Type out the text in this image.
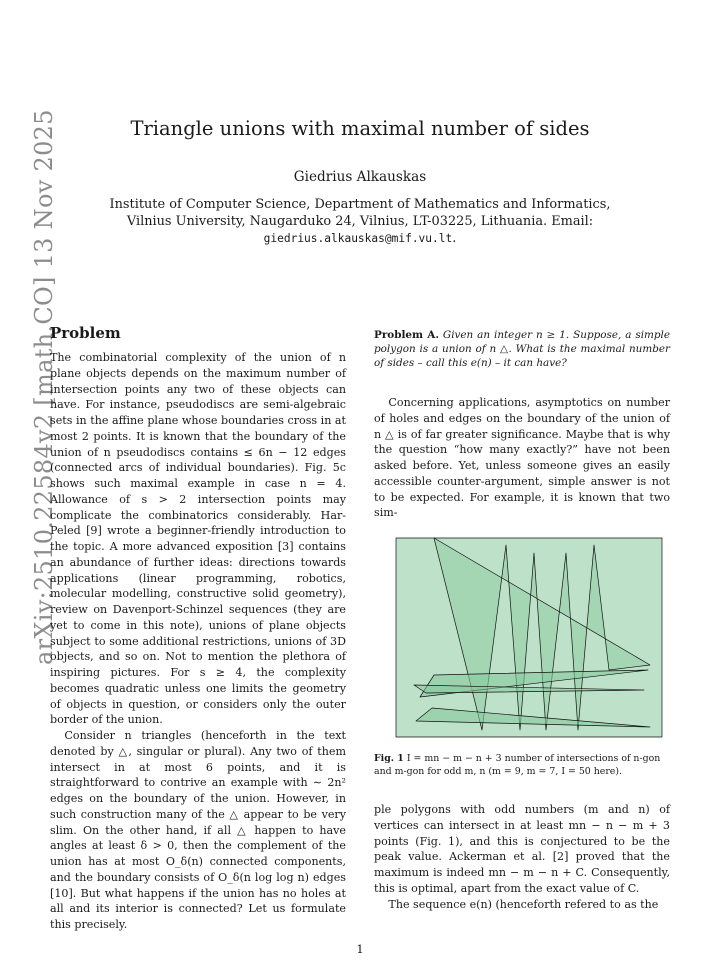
arXiv:2510.22584v2 [math.CO] 13 Nov 2025	Triangle unions with maximal number of sides
Giedrius Alkauskas
Institute of Computer Science, Department of Mathematics and Informatics, Vilnius University, Naugarduko 24, Vilnius, LT-03225, Lithuania. Email:
giedrius.alkauskas@mif.vu.lt.
Problem

The combinatorial complexity of the union of n plane objects depends on the maximum number of intersection points any two of these objects can have. For instance, pseudodiscs are semi-algebraic sets in the affine plane whose boundaries cross in at most 2 points. It is known that the boundary of the union of n pseudodiscs contains ≤ 6n − 12 edges (connected arcs of individual boundaries). Fig. 5c shows such maximal example in case n = 4. Allowance of s > 2 intersection points may complicate the combinatorics considerably. Har-Peled [9] wrote a beginner-friendly introduction to the topic. A more advanced exposition [3] contains an abundance of further ideas: directions towards applications (linear programming, robotics, molecular modelling, constructive solid geometry), review on Davenport-Schinzel sequences (they are yet to come in this note), unions of plane objects subject to some additional restrictions, unions of 3D objects, and so on. Not to mention the plethora of inspiring pictures. For s ≥ 4, the complexity becomes quadratic unless one limits the geometry of objects in question, or considers only the outer border of the union.

Consider n triangles (henceforth in the text denoted by △, singular or plural). Any two of them intersect in at most 6 points, and it is straightforward to contrive an example with ∼ 2n² edges on the boundary of the union. However, in such construction many of the △ appear to be very slim. On the other hand, if all △ happen to have angles at least δ > 0, then the complement of the union has at most O_δ(n) connected components, and the boundary consists of O_δ(n log log n) edges [10]. But what happens if the union has no holes at all and its interior is connected? Let us formulate this precisely.

Problem A. Given an integer n ≥ 1. Suppose, a simple polygon is a union of n △. What is the maximal number of sides – call this e(n) – it can have?
Concerning applications, asymptotics on number of holes and edges on the boundary of the union of n △ is of far greater significance. Maybe that is why the question “how many exactly?” have not been asked before. Yet, unless someone gives an easily accessible counter-argument, simple answer is not to be expected. For example, it is known that two sim-
Fig. 1 I = mn − m − n + 3 number of intersections of n-gon and m-gon for odd m, n (m = 9, m = 7, I = 50 here).

ple polygons with odd numbers (m and n) of vertices can intersect in at least mn − n − m + 3 points (Fig. 1), and this is conjectured to be the peak value. Ackerman et al. [2] proved that the maximum is indeed mn − m − n + C. Consequently, this is optimal, apart from the exact value of C.

The sequence e(n) (henceforth refered to as the

1
